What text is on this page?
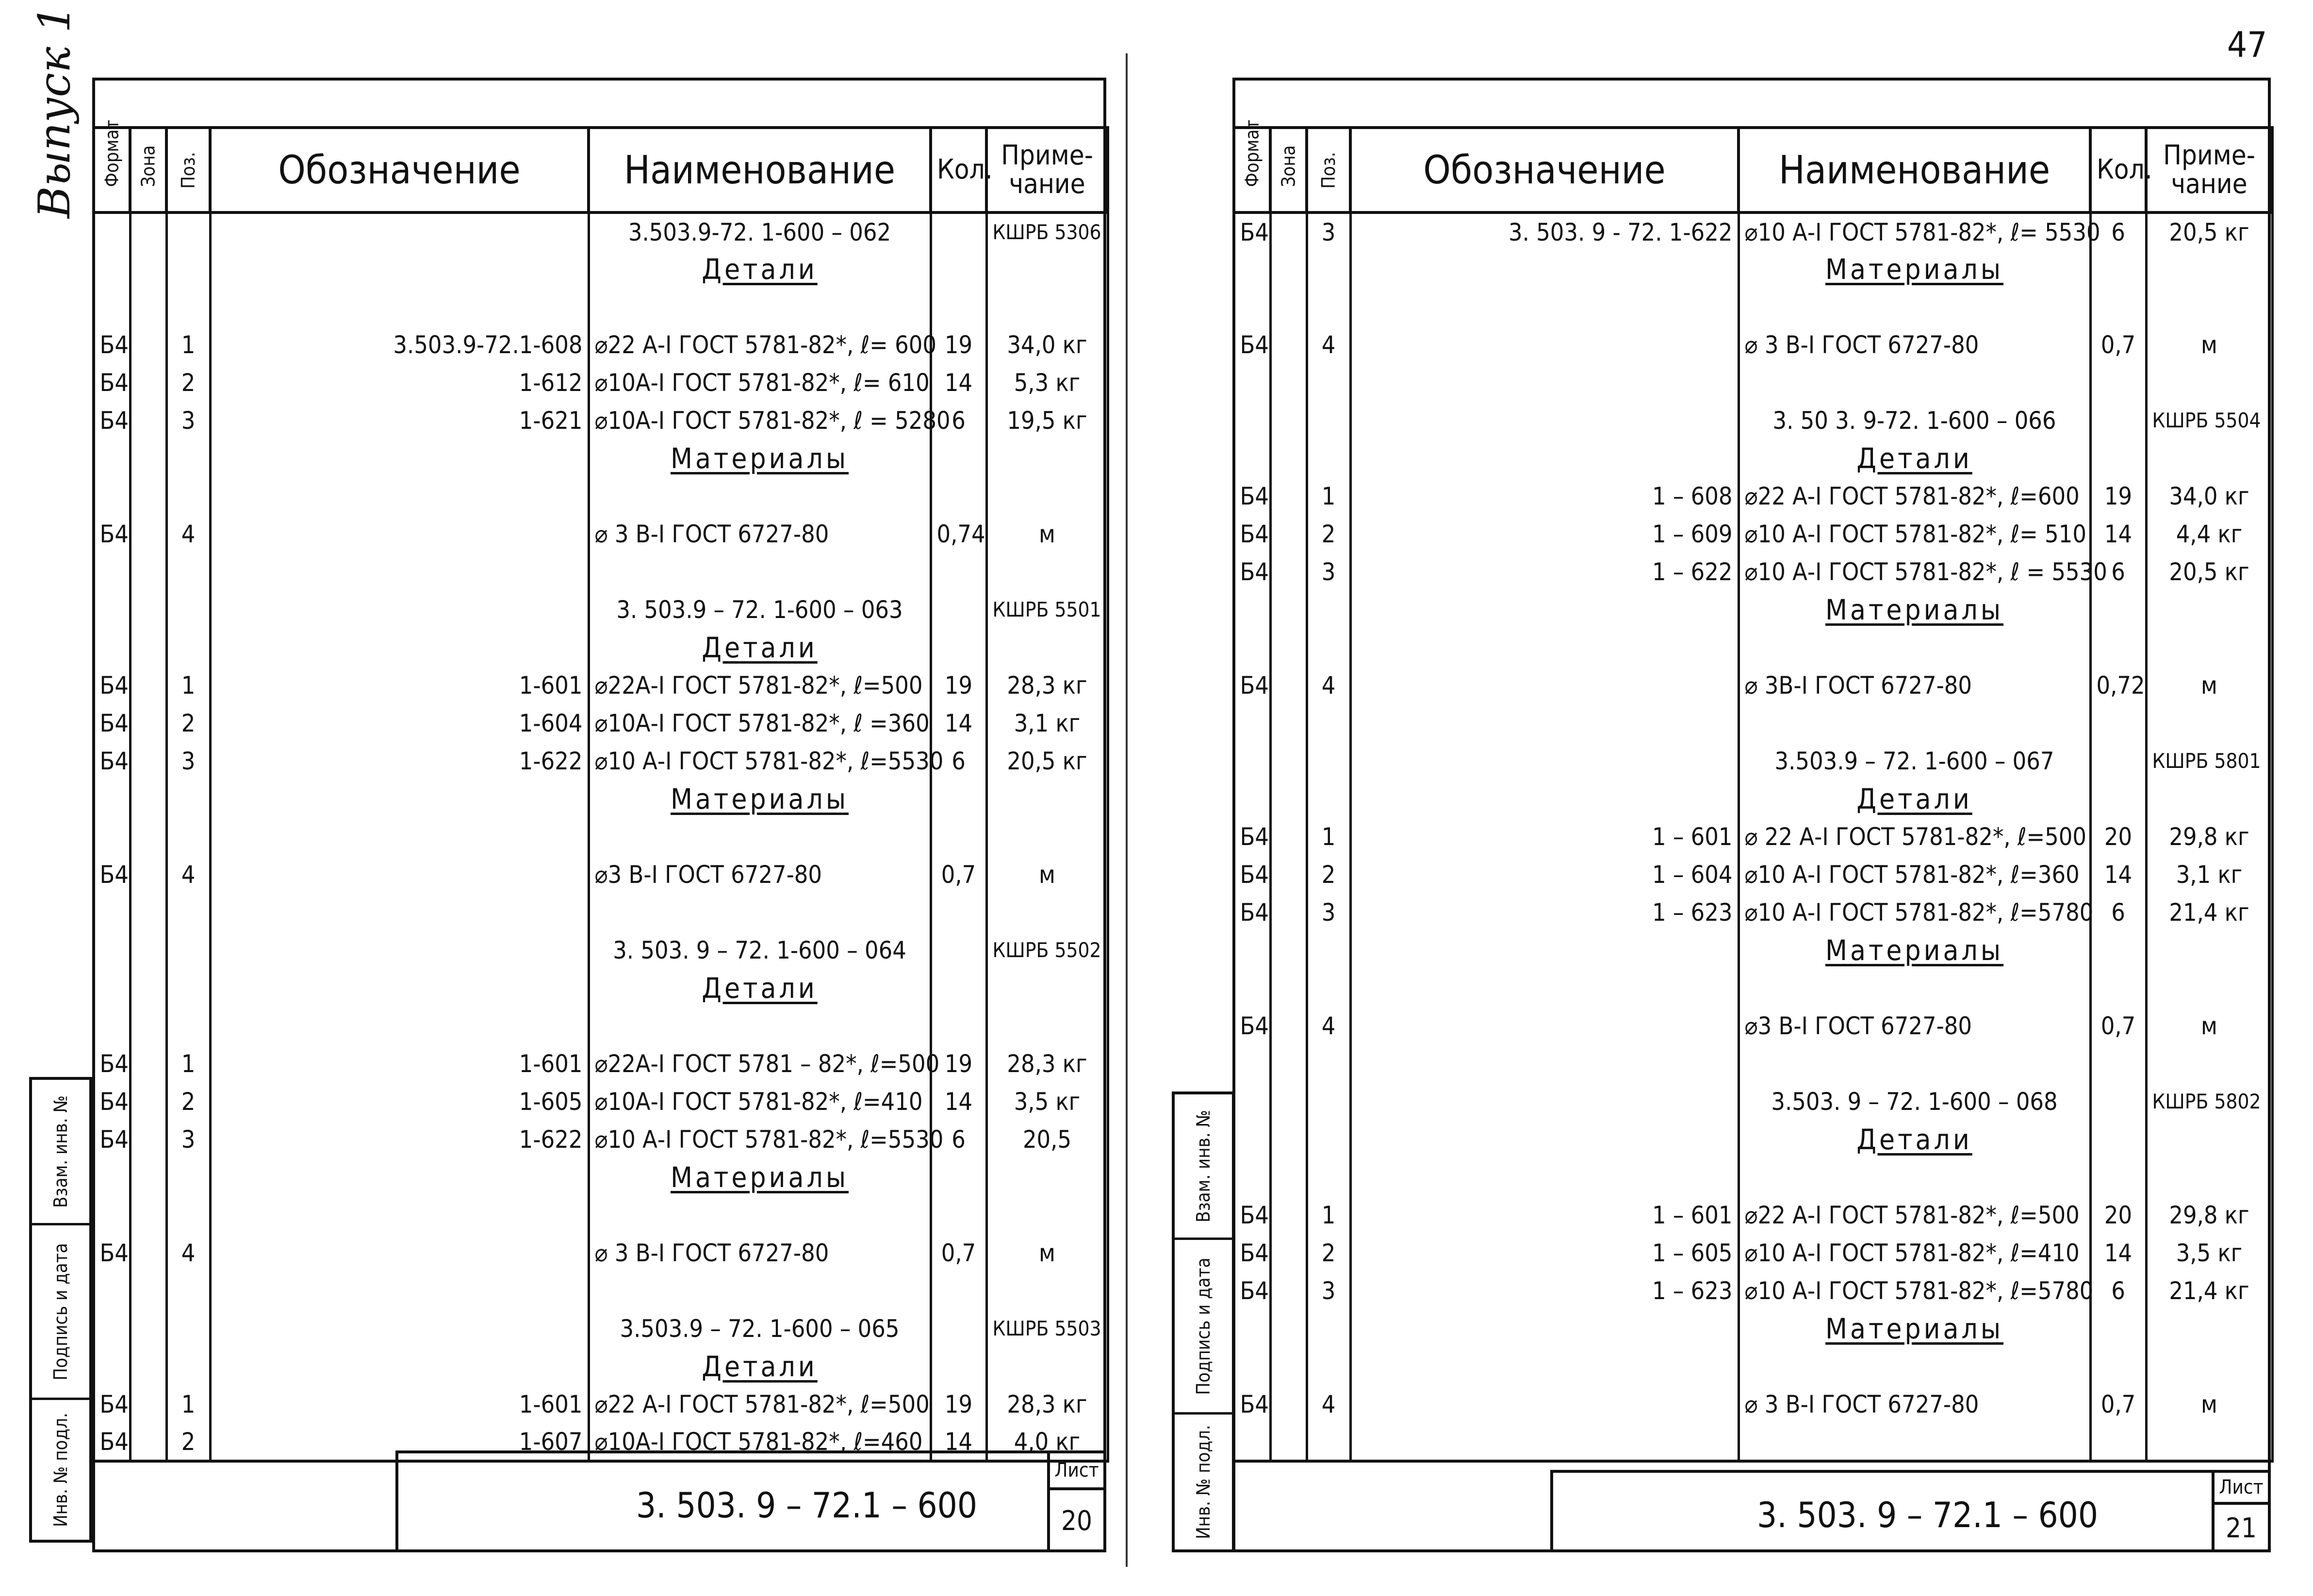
47
Выпуск 1
Взам. инв. №
Подпись и дата
Инв. № подл.
Формат	Зона	Поз.	Обозначение	Наименование	Кол.	Приме-
чание
				3.503.9-72. 1-600 – 062		КШРБ 5306
				Детали		

Б4		1	3.503.9-72.1-608	⌀22 А-I ГОСТ 5781-82*, ℓ= 600	19	34,0 кг
Б4		2	1-612	⌀10А-I ГОСТ 5781-82*, ℓ= 610	14	5,3 кг
Б4		3	1-621	⌀10А-I ГОСТ 5781-82*, ℓ = 5280	6	19,5 кг
				Материалы		

Б4		4		⌀ 3 В-I ГОСТ 6727-80	0,74	м

				3. 503.9 – 72. 1-600 – 063		КШРБ 5501
				Детали		
Б4		1	1-601	⌀22А-I ГОСТ 5781-82*, ℓ=500	19	28,3 кг
Б4		2	1-604	⌀10А-I ГОСТ 5781-82*, ℓ =360	14	3,1 кг
Б4		3	1-622	⌀10 А-I ГОСТ 5781-82*, ℓ=5530	6	20,5 кг
				Материалы		

Б4		4		⌀3 В-I ГОСТ 6727-80	0,7	м

				3. 503. 9 – 72. 1-600 – 064		КШРБ 5502
				Детали		

Б4		1	1-601	⌀22А-I ГОСТ 5781 – 82*, ℓ=500	19	28,3 кг
Б4		2	1-605	⌀10А-I ГОСТ 5781-82*, ℓ=410	14	3,5 кг
Б4		3	1-622	⌀10 А-I ГОСТ 5781-82*, ℓ=5530	6	20,5
				Материалы		

Б4		4		⌀ 3 В-I ГОСТ 6727-80	0,7	м

				3.503.9 – 72. 1-600 – 065		КШРБ 5503
				Детали		
Б4		1	1-601	⌀22 А-I ГОСТ 5781-82*, ℓ=500	19	28,3 кг
Б4		2	1-607	⌀10А-I ГОСТ 5781-82*, ℓ=460	14	4,0 кг
3. 503. 9 – 72.1 – 600
Лист
20
Взам. инв. №
Подпись и дата
Инв. № подл.
Формат	Зона	Поз.	Обозначение	Наименование	Кол.	Приме-
чание
Б4		3	3. 503. 9 - 72. 1-622	⌀10 А-I ГОСТ 5781-82*, ℓ= 5530	6	20,5 кг
				Материалы		

Б4		4		⌀ 3 В-I ГОСТ 6727-80	0,7	м

				3. 50 3. 9-72. 1-600 – 066		КШРБ 5504
				Детали		
Б4		1	1 – 608	⌀22 А-I ГОСТ 5781-82*, ℓ=600	19	34,0 кг
Б4		2	1 – 609	⌀10 А-I ГОСТ 5781-82*, ℓ= 510	14	4,4 кг
Б4		3	1 – 622	⌀10 А-I ГОСТ 5781-82*, ℓ = 5530	6	20,5 кг
				Материалы		

Б4		4		⌀ 3В-I ГОСТ 6727-80	0,72	м

				3.503.9 – 72. 1-600 – 067		КШРБ 5801
				Детали		
Б4		1	1 – 601	⌀ 22 А-I ГОСТ 5781-82*, ℓ=500	20	29,8 кг
Б4		2	1 – 604	⌀10 А-I ГОСТ 5781-82*, ℓ=360	14	3,1 кг
Б4		3	1 – 623	⌀10 А-I ГОСТ 5781-82*, ℓ=5780	6	21,4 кг
				Материалы		

Б4		4		⌀3 В-I ГОСТ 6727-80	0,7	м

				3.503. 9 – 72. 1-600 – 068		КШРБ 5802
				Детали		

Б4		1	1 – 601	⌀22 А-I ГОСТ 5781-82*, ℓ=500	20	29,8 кг
Б4		2	1 – 605	⌀10 А-I ГОСТ 5781-82*, ℓ=410	14	3,5 кг
Б4		3	1 – 623	⌀10 А-I ГОСТ 5781-82*, ℓ=5780	6	21,4 кг
				Материалы		

Б4		4		⌀ 3 В-I ГОСТ 6727-80	0,7	м

3. 503. 9 – 72.1 – 600
Лист
21
